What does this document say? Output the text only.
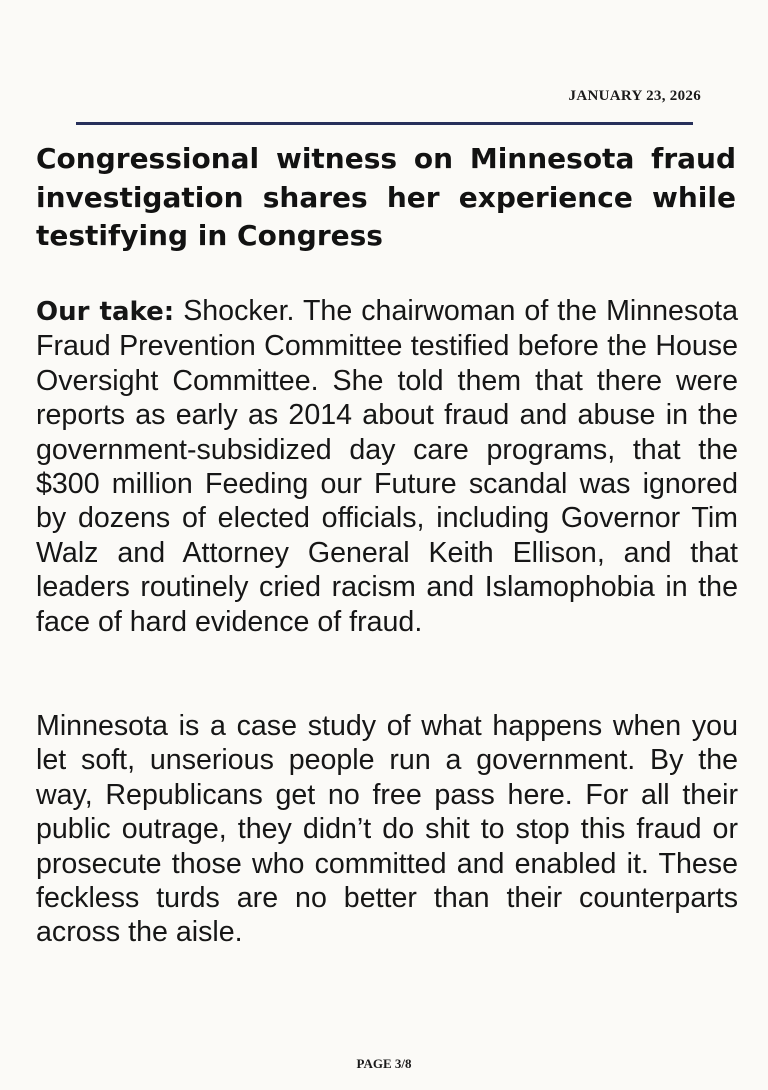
JANUARY 23, 2026
Congressional witness on Minnesota fraud investigation shares her experience while testifying in Congress

Our take: Shocker. The chairwoman of the Minnesota Fraud Prevention Committee testified before the House Oversight Committee. She told them that there were reports as early as 2014 about fraud and abuse in the government-subsidized day care programs, that the $300 million Feeding our Future scandal was ignored by dozens of elected officials, including Governor Tim Walz and Attorney General Keith Ellison, and that leaders routinely cried racism and Islamophobia in the face of hard evidence of fraud.

Minnesota is a case study of what happens when you let soft, unserious people run a government. By the way, Republicans get no free pass here. For all their public outrage, they didn’t do shit to stop this fraud or prosecute those who committed and enabled it. These feckless turds are no better than their counterparts across the aisle.

PAGE 3/8
